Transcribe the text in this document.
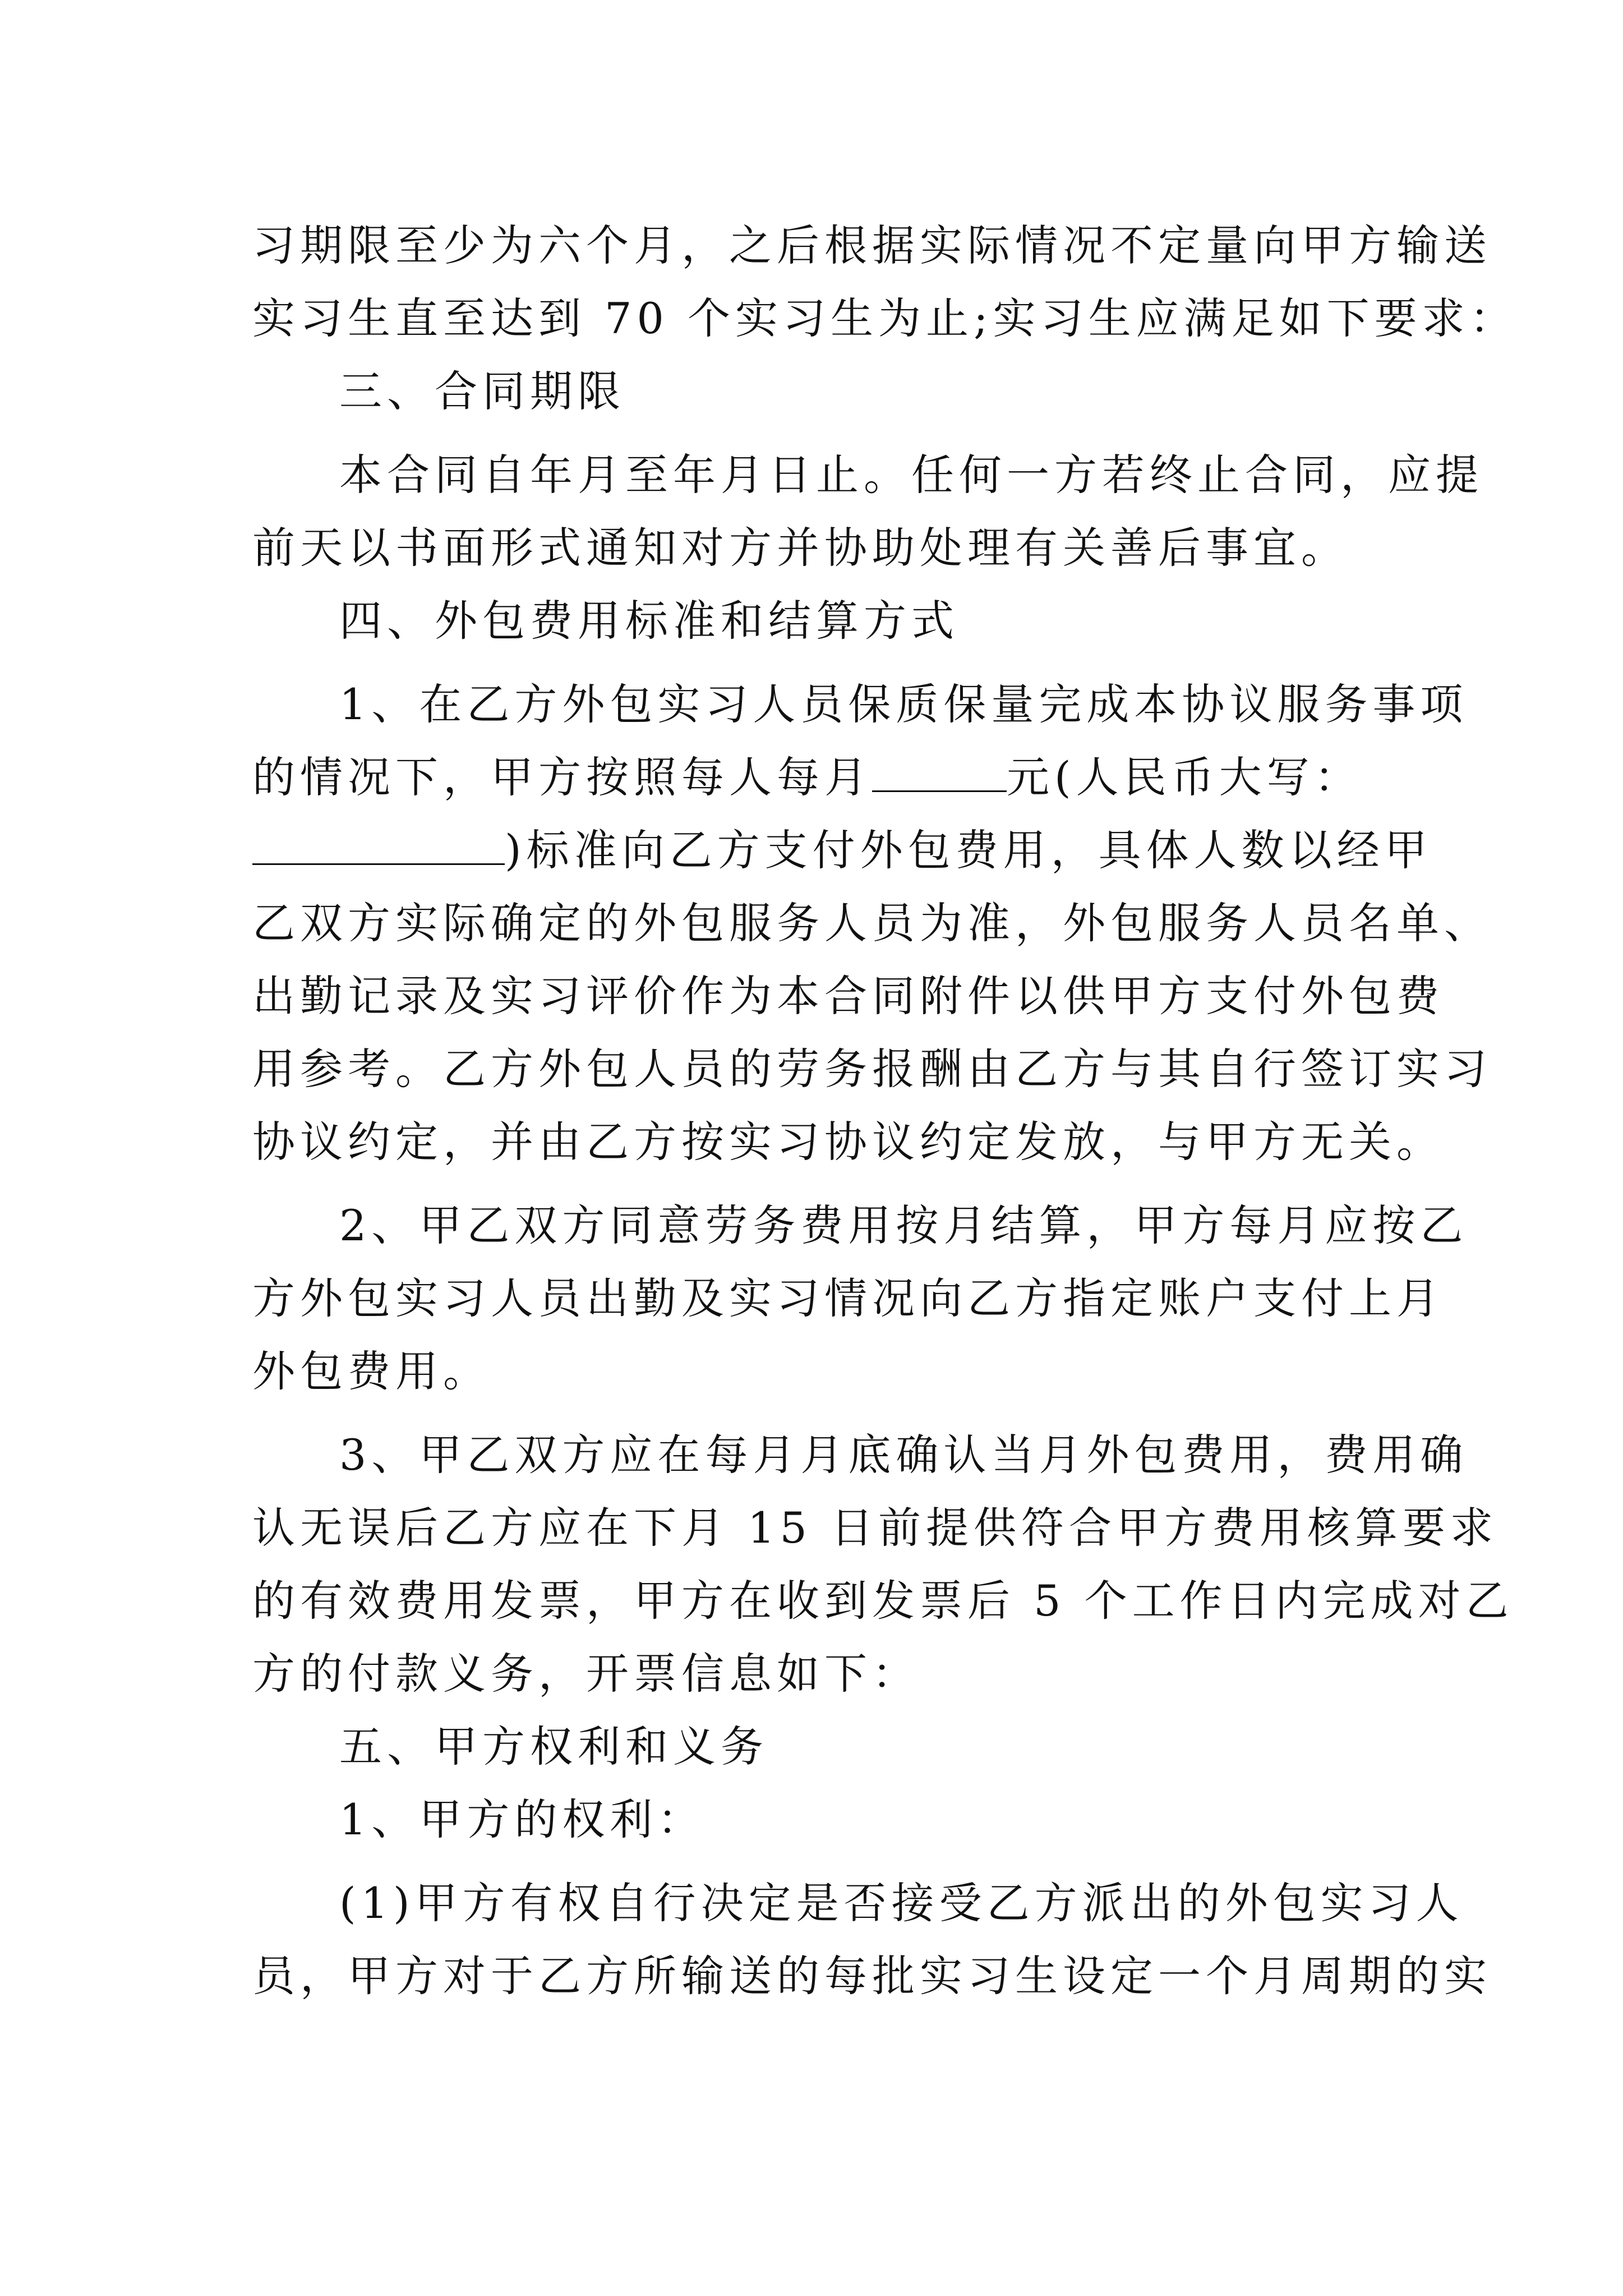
习期限至少为六个月，之后根据实际情况不定量向甲方输送
实习生直至达到 70 个实习生为止;实习生应满足如下要求：
三、合同期限
本合同自年月至年月日止。任何一方若终止合同，应提
前天以书面形式通知对方并协助处理有关善后事宜。
四、外包费用标准和结算方式
1、在乙方外包实习人员保质保量完成本协议服务事项
的情况下，甲方按照每人每月	元(人民币大写：
)标准向乙方支付外包费用，具体人数以经甲
乙双方实际确定的外包服务人员为准，外包服务人员名单、
出勤记录及实习评价作为本合同附件以供甲方支付外包费
用参考。乙方外包人员的劳务报酬由乙方与其自行签订实习
协议约定，并由乙方按实习协议约定发放，与甲方无关。
2、甲乙双方同意劳务费用按月结算，甲方每月应按乙
方外包实习人员出勤及实习情况向乙方指定账户支付上月
外包费用。
3、甲乙双方应在每月月底确认当月外包费用，费用确
认无误后乙方应在下月 15 日前提供符合甲方费用核算要求
的有效费用发票，甲方在收到发票后 5 个工作日内完成对乙
方的付款义务，开票信息如下：
五、甲方权利和义务
1、甲方的权利：
(1)甲方有权自行决定是否接受乙方派出的外包实习人
员，甲方对于乙方所输送的每批实习生设定一个月周期的实
